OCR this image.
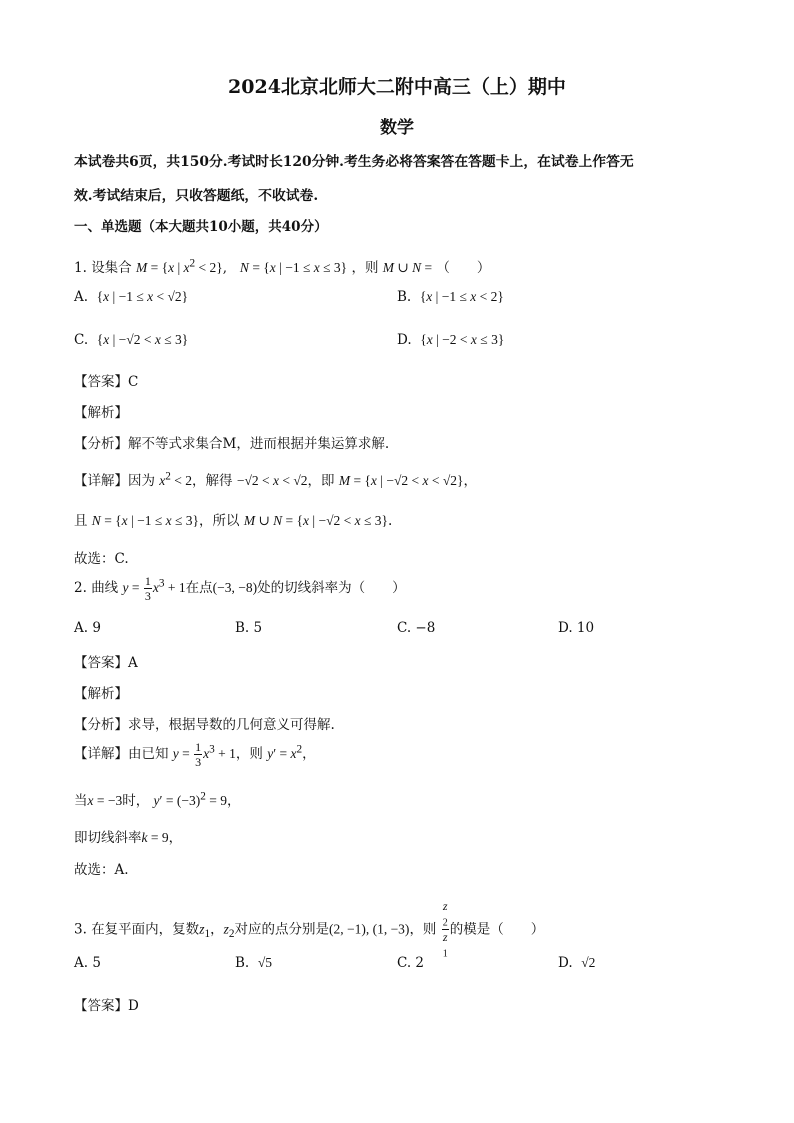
2024北京北师大二附中高三（上）期中
数学
本试卷共6页，共150分.考试时长120分钟.考生务必将答案答在答题卡上，在试卷上作答无
效.考试结束后，只收答题纸，不收试卷.
一、单选题（本大题共10小题，共40分）
1. 设集合 M = {x | $x^2 < 2$},   N = {x | −1 ≤ x ≤ 3} ，则 M ∪ N = （　　）
A. {x | −1 ≤ x < √2}	B. {x | −1 ≤ x < 2}
C. {x | −√2 < x ≤ 3}	D. {x | −2 < x ≤ 3}
【答案】C
【解析】
【分析】解不等式求集合M，进而根据并集运算求解.
【详解】因为 $x^2 < 2$，解得 −√2 < x < √2，即 M = {x | −√2 < x < √2}，
且 N = {x | −1 ≤ x ≤ 3}，所以 M ∪ N = {x | −√2 < x ≤ 3}.
故选：C.
2. 曲线 $y = \frac{1}{3} x^3 + 1$在点(−3, −8)处的切线斜率为（　　）
A. 9	B. 5	C. −8	D. 10
【答案】A
【解析】
【分析】求导，根据导数的几何意义可得解.
【详解】由已知 $y = \frac{1}{3} x^3 + 1$，则 $y' = x^2$，
当x = −3时， $y' = (-3)^2 = 9$，
即切线斜率k = 9，
故选：A.
3. 在复平面内，复数$z_1$，$z_2$对应的点分别是(2, −1), (1, −3)，则 z
$_2$
z
$_1$ 的模是（　　）
A. 5	B. √5	C. 2	D. √2
【答案】D
